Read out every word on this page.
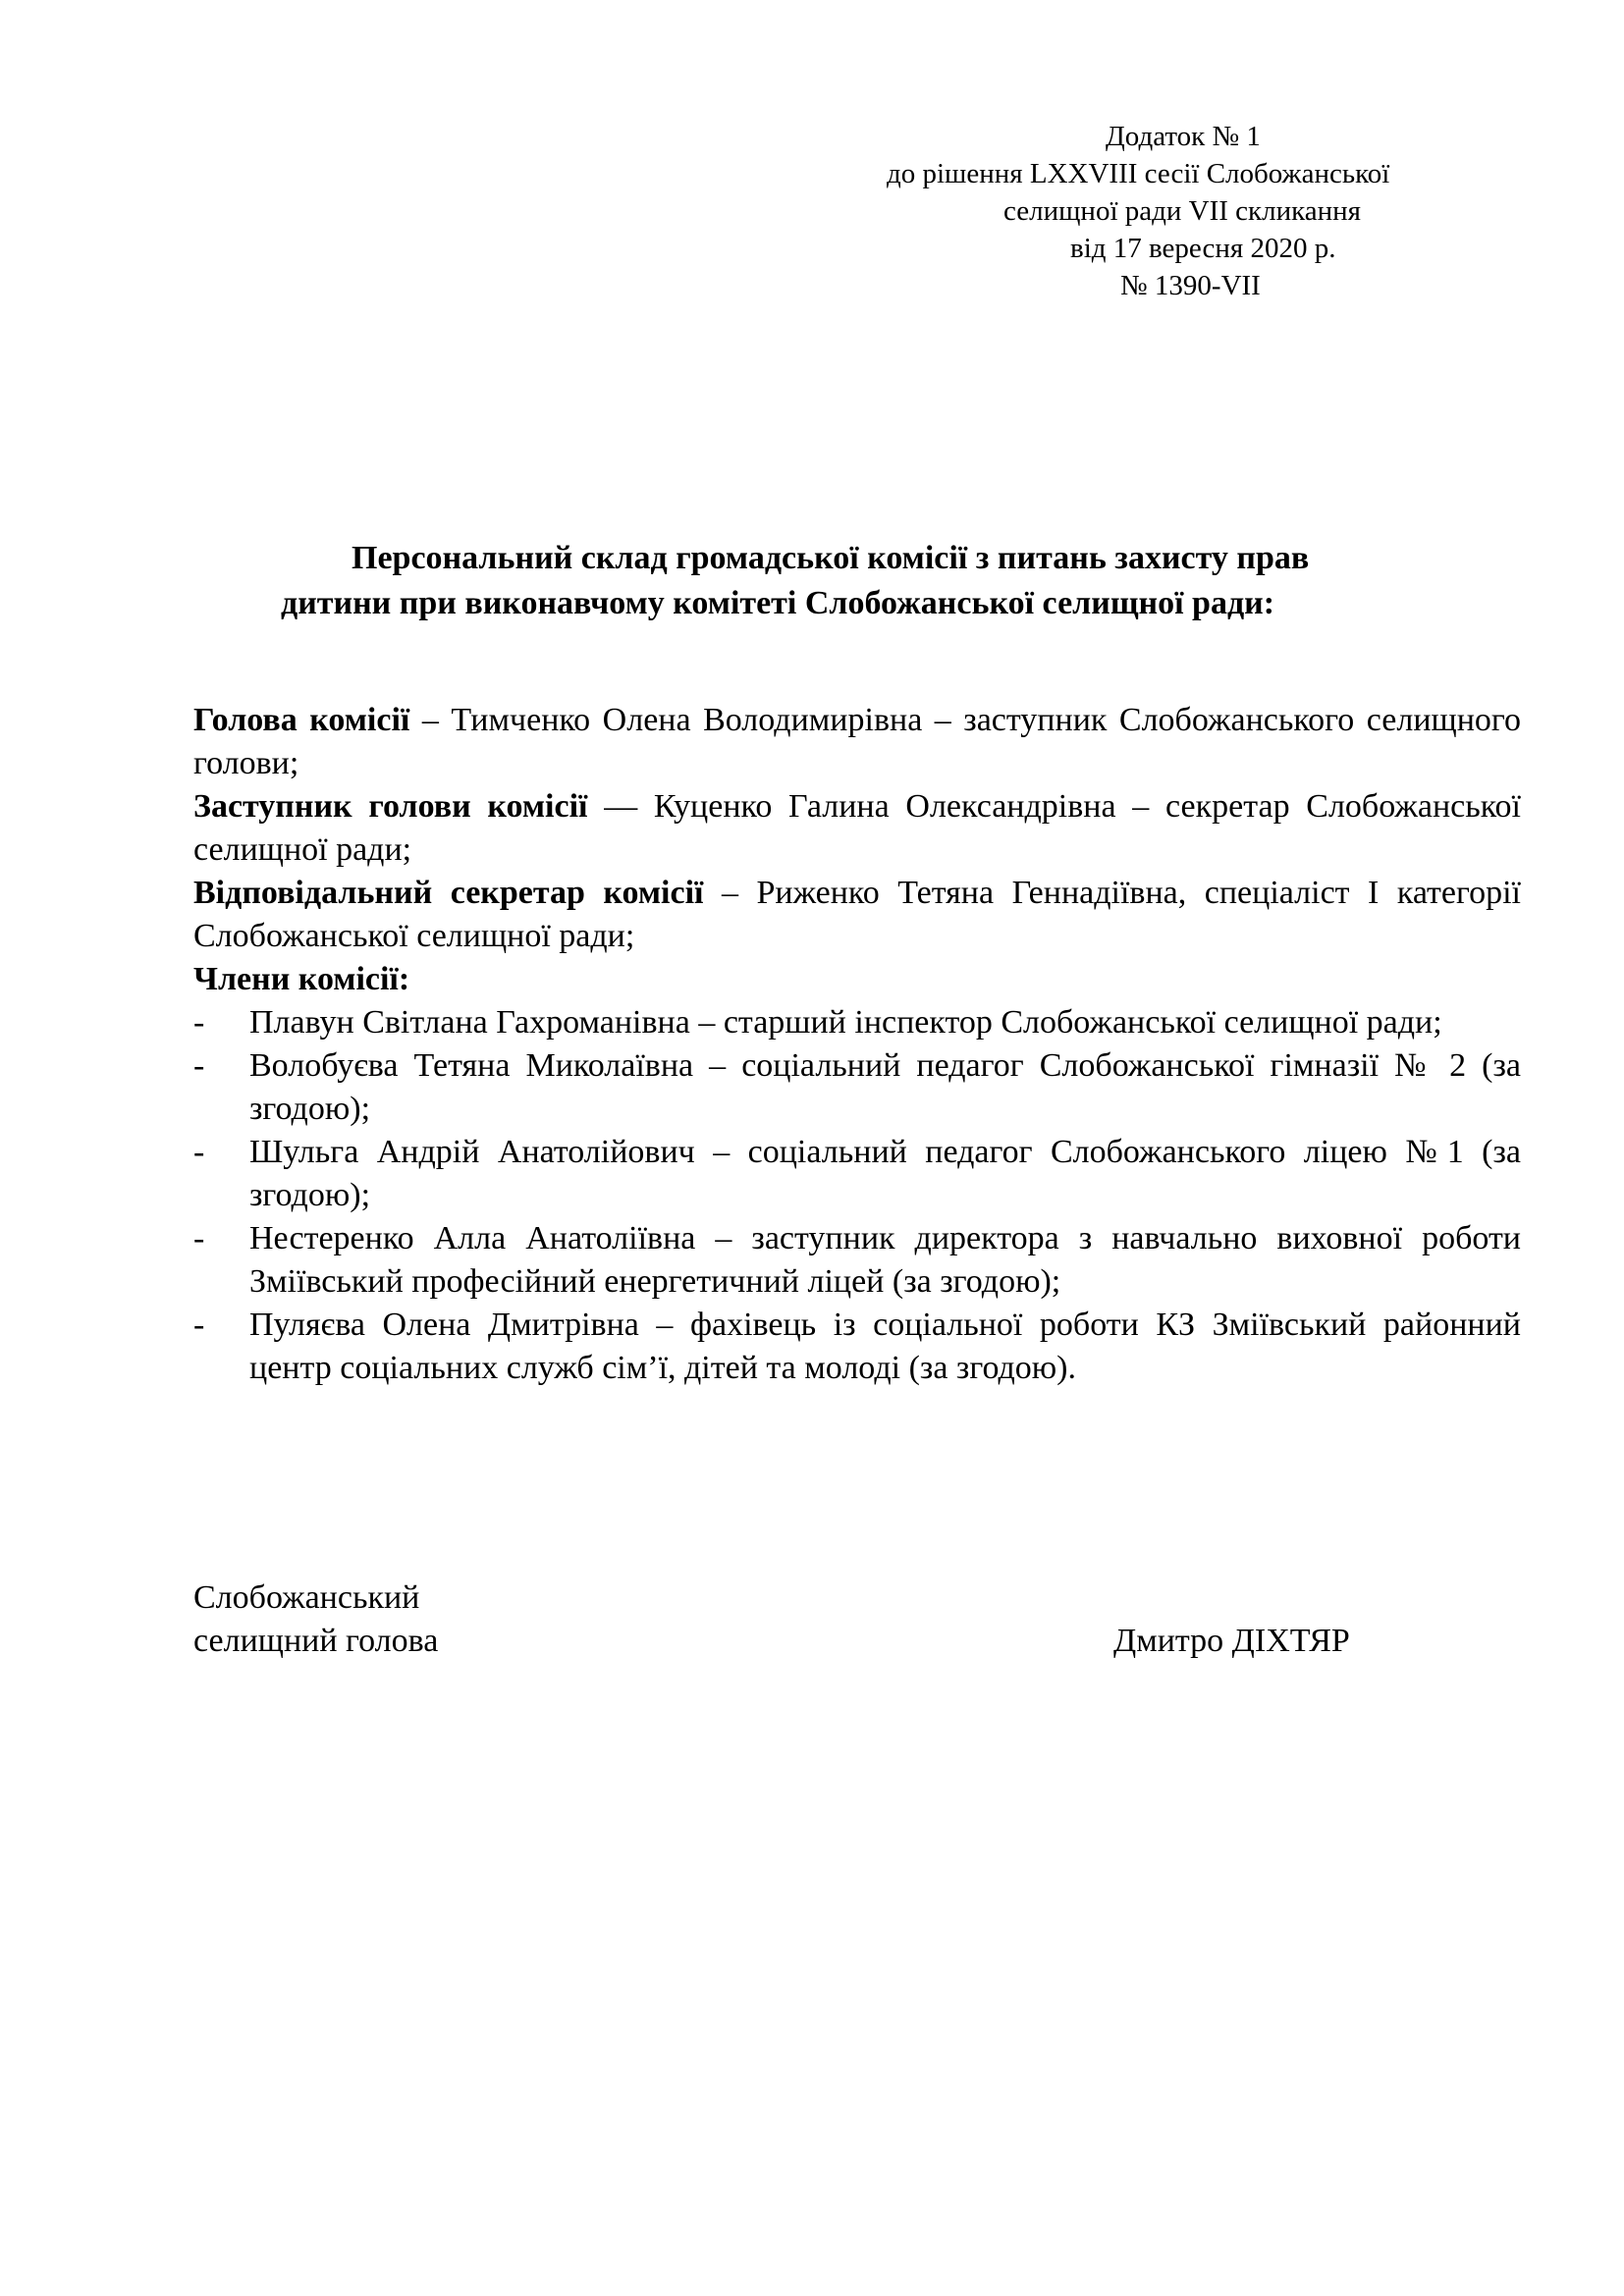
Додаток № 1
до рішення LXXVIII сесії Слобожанської
селищної ради VII скликання
від 17 вересня 2020 р.
№ 1390-VII
Персональний склад громадської комісії з питань захисту прав
дитини при виконавчому комітеті Слобожанської селищної ради:

Голова комісії – Тимченко Олена Володимирівна – заступник Слобожанського селищного голови;

Заступник голови комісії — Куценко Галина Олександрівна – секретар Слобожанської селищної ради;

Відповідальний секретар комісії – Риженко Тетяна Геннадіївна, спеціаліст І категорії Слобожанської селищної ради;

Члени комісії:

- Плавун Світлана Гахроманівна – старший інспектор Слобожанської селищної ради;
- Волобуєва Тетяна Миколаївна – соціальний педагог Слобожанської гімназії № 2 (за згодою);
- Шульга Андрій Анатолійович – соціальний педагог Слобожанського ліцею №1 (за згодою);
- Нестеренко Алла Анатоліївна – заступник директора з навчально виховної роботи Зміївський професійний енергетичний ліцей (за згодою);
- Пуляєва Олена Дмитрівна – фахівець із соціальної роботи КЗ Зміївський районний центр соціальних служб сім’ї, дітей та молоді (за згодою).
Слобожанський
селищний голова	Дмитро ДІХТЯР
